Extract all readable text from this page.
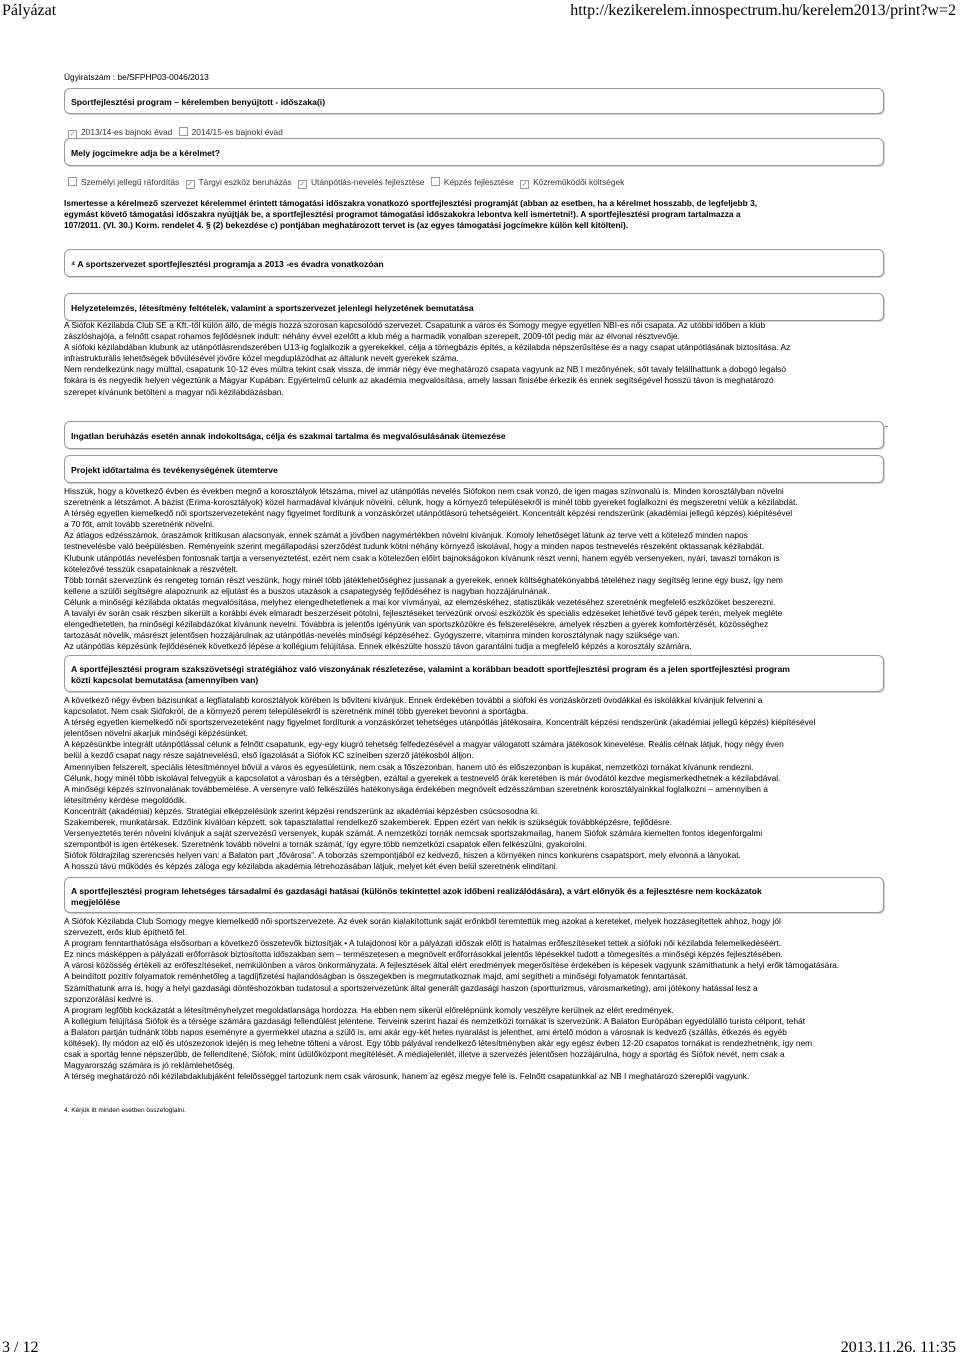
Pályázat	http://kezikerelem.innospectrum.hu/kerelem2013/print?w=2
Ügyiratszám : be/SFPHP03-0046/2013
Sportfejlesztési program – kérelemben benyújtott - időszaka(i)
✓2013/14-es bajnoki évad 2014/15-es bajnoki évad
Mely jogcímekre adja be a kérelmet?
Személyi jellegű ráfordítás ✓ Tárgyi eszköz beruházás ✓ Utánpótlás-nevelés fejlesztése Képzés fejlesztése ✓ Közreműködői költségek

Ismertesse a kérelmező szervezet kérelemmel érintett támogatási időszakra vonatkozó sportfejlesztési programját (abban az esetben, ha a kérelmet hosszabb, de legfeljebb 3,

egymást követő támogatási időszakra nyújtják be, a sportfejlesztési programot támogatási időszakokra lebontva kell ismertetni!). A sportfejlesztési program tartalmazza a

107/2011. (VI. 30.) Korm. rendelet 4. § (2) bekezdése c) pontjában meghatározott tervet is (az egyes támogatási jogcímekre külön kell kitölteni).

⁴ A sportszervezet sportfejlesztési programja a 2013 -es évadra vonatkozóan
Helyzetelemzés, létesítmény feltételek, valamint a sportszervezet jelenlegi helyzetének bemutatása

A Siófok Kézilabda Club SE a Kft.-től külön álló, de mégis hozzá szorosan kapcsolódó szervezet. Csapatunk a város és Somogy megye egyetlen NBI-es női csapata. Az utóbbi időben a klub

zászlóshajója, a felnőtt csapat rohamos fejlődésnek indult: néhány évvel ezelőtt a klub még a harmadik vonalban szerepelt, 2009-től pedig már az élvonal résztvevője.

A siófoki kézilabdában klubunk az utánpótlásrendszerében U13-ig foglalkozik a gyerekekkel, célja a tömegbázis építés, a kézilabda népszerűsítése és a nagy csapat utánpótlásának biztosítása. Az

infrastrukturális lehetőségek bővülésével jövőre közel megduplázódhat az általunk nevelt gyerekek száma.

Nem rendelkezünk nagy múlttal, csapatunk 10-12 éves múltra tekint csak vissza, de immár négy éve meghatározó csapata vagyunk az NB I mezőnyének, sőt tavaly felállhattunk a dobogó legalsó

fokára is és negyedik helyen végeztünk a Magyar Kupában. Egyértelmű célunk az akadémia megvalósítása, amely lassan finisébe érkezik és ennek segítségével hosszú távon is meghatározó

szerepet kívánunk betölteni a magyar női kézilabdázásban.

Ingatlan beruházás esetén annak indokoltsága, célja és szakmai tartalma és megvalósulásának ütemezése
-
Projekt időtartalma és tevékenységének ütemterve

Hisszük, hogy a következő évben és években megnő a korosztályok létszáma, mivel az utánpótlás nevelés Siófokon nem csak vonzó, de igen magas színvonalú is. Minden korosztályban növelni

szeretnénk a létszámot. A bázist (Erima-korosztályok) közel harmadával kívánjuk növelni, célunk, hogy a környező településekről is minél több gyereket foglalkozni és megszeretni velük a kézilabdát.

A térség egyetlen kiemelkedő női sportszervezeteként nagy figyelmet fordítunk a vonzáskörzet utánpótlásorú tehetségeiért. Koncentrált képzési rendszerünk (akadémiai jellegű képzés) kiépítésével

a 70 főt, amit tovább szeretnénk növelni.

Az átlagos edzésszámok, óraszámok kritikusan alacsonyak, ennek számát a jövőben nagymértékben növelni kívánjuk. Komoly lehetőséget látunk az terve vett a kötelező minden napos

testnevelésbe való beépülésben. Reményeink szerint megállapodási szerződést tudunk kötni néhány környező iskolával, hogy a minden napos testnevelés részeként oktassanak kézilabdát.

Klubunk utánpótlás nevelésben fontosnak tartja a versenyeztetést, ezért nem csak a kötelezően előírt bajnokságokon kívánunk részt venni, hanem egyéb versenyeken, nyári, tavaszi tornákon is

kötelezővé tesszük csapatainknak a részvételt.

Több tornát szervezünk és rengeteg tornán részt veszünk, hogy minél több játéklehetőséghez jussanak a gyerekek, ennek költséghatékonyabbá tételéhez nagy segítség lenne egy busz, így nem

kellene a szülői segítségre alapoznunk az eljutást és a buszos utazások a csapategység fejlődéséhez is nagyban hozzájárulnának.

Célunk a minőségi kézilabda oktatás megvalósítása, melyhez elengedhetetlenek a mai kor vívmányai, az elemzéskéhez, statisztikák vezetéséhez szeretnénk megfelelő eszközöket beszerezni.

A tavalyi év során csak részben sikerült a korábbi évek elmaradt beszerzéseit pótolni, fejlesztéseket tervezünk orvosi eszközök és speciális edzéseket lehetővé tevő gépek terén, melyek megléte

elengedhetetlen, ha minőségi kézilabdázókat kívánunk nevelni. Továbbra is jelentős igényünk van sportszközökre és felszerelésekre, amelyek részben a gyerek komfortérzését, közösséghez

tartozását növelik, másrészt jelentősen hozzájárulnak az utánpótlás-nevelés minőségi képzéséhez. Gyógyszerre, vitaminra minden korosztálynak nagy szüksége van.

Az utánpótlás képzésünk fejlődésének következő lépése a kollégium felújítása. Ennek elkészülte hosszú távon garantálni tudja a megfelelő képzés a korosztály számára.

A sportfejlesztési program szakszövetségi stratégiához való viszonyának részletezése, valamint a korábban beadott sportfejlesztési program és a jelen sportfejlesztési program
közti kapcsolat bemutatása (amennyiben van)

A következő négy évben bázisunkat a legfiatalabb korosztályok körében is bővíteni kívánjuk. Ennek érdekében további a siófoki és vonzáskörzeti óvodákkal és iskolákkal kívánjuk felvenni a

kapcsolatot. Nem csak Siófokról, de a környező perem településekről is szeretnénk minél több gyereket bevonni a sportágba.

A térség egyetlen kiemelkedő női sportszervezeteként nagy figyelmet fordítunk a vonzáskörzet tehetséges utánpótlás játékosaira. Koncentrált képzési rendszerünk (akadémiai jellegű képzés) kiépítésével

jelentősen növelni akarjuk minőségi képzésünket.

A képzésünkbe integrált utánpótlással célunk a felnőtt csapatunk, egy-egy kiugró tehetség felfedezésével a magyar válogatott számára játékosok kinevelése. Reális célnak látjuk, hogy négy éven

belül a kezdő csapat nagy része sajátnevelésű, első ígazolását a Siófok KC színeiben szerző játékosból álljon.

Amennyiben felszerelt, speciális létesítménnyel bővül a város és egyesületünk, nem csak a főszezonban, hanem utó és előszezonban is kupákat, nemzetközi tornákat kívánunk rendezni.

Célunk, hogy minél több iskolával felvegyük a kapcsolatot a városban és a térségben, ezáltal a gyerekek a testnevelő órák keretében is már óvodától kezdve megismerkedhetnek a kézilabdával.

A minőségi képzés színvonalának továbbemelése. A versenyre való felkészülés hatékonysága érdekében megnövelt edzésszámban szeretnénk korosztályainkkal foglalkozni – amennyiben a

létesítmény kérdése megoldódik.

Koncentrált (akadémiai) képzés. Stratégiai elképzelésünk szerint képzési rendszerünk az akadémiai képzésben csúcsosodna ki.

Szakemberek, munkatársak. Edzőink kiválóan képzett, sok tapasztalattal rendelkező szakemberek. Éppen ezért van nekik is szükségük továbbképzésre, fejlődésre.

Versenyeztetés terén növelni kívánjuk a saját szervezésű versenyek, kupák számát. A nemzetközi tornák nemcsak sportszakmailag, hanem Siófok számára kiemelten fontos idegenforgalmi

szempontból is igen értékesek. Szeretnénk tovább növelni a tornák számát, így egyre több nemzetközi csapatok ellen felkészülni, gyakorolni.

Siófok földrajzilag szerencsés helyen van: a Balaton part „fővárosa”. A toborzás szempontjából ez kedvező, hiszen a környéken nincs konkurens csapatsport, mely elvonná a lányokat.

A hosszú távú működés és képzés záloga egy kézilabda akadémia létrehozásában látjuk, melyet két éven belül szeretnénk elindítani.

A sportfejlesztési program lehetséges társadalmi és gazdasági hatásai (különös tekintettel azok időbeni realizálódására), a várt előnyök és a fejlesztésre nem kockázatok
megjelölése

A Siófok Kézilabda Club Somogy megye kiemelkedő női sportszervezete. Az évek során kialakítottunk saját erőnkből teremtettük meg azokat a kereteket, melyek hozzásegítettek ahhoz, hogy jól

szervezett, erős klub építhető fel.

A program fenntarthatósága elsősorban a következő összetevők biztosítják • A tulajdonosi kör a pályázati időszak előtt is hatalmas erőfeszítéseket tettek a siófoki női kézilabda felemelkedéséért.

Ez nincs másképpen a pályázati erőforrások biztosította időszakban sem – természetesen a megnövelt erőforrásokkal jelentős lépésekkel tudott a tömegesítés a minőségi képzés fejlesztésében.

A városi közösség értékeli az erőfeszítéseket, nemkülönben a város önkormányzata. A fejlesztések által elért eredmények megerősítése érdekében is képesek vagyunk számíthatunk a helyi erők támogatására.

A beindított pozitív folyamatok reménhetőleg a tagdíjfizetési hajlandóságban is összegekben is megmutatkoznak majd, ami segítheti a minőségi folyamatok fenntartását.

Számíthatunk arra is, hogy a helyi gazdasági döntéshozókban tudatosul a sportszervezetünk által generált gazdasági haszon (sportturizmus, városmarketing), ami jótékony hatással lesz a

szponzorálási kedvre is.

A program legfőbb kockázatát a létesítményhelyzet megoldatlansága hordozza. Ha ebben nem sikerül előrelépnünk komoly veszélyre kerülnek az elért eredmények.

A kollégium felújítása Siófok és a térsége számára gazdasági fellendülést jelentene. Terveink szerint hazai és nemzetközi tornákat is szervezünk. A Balaton Európában egyedülálló turista célpont, tehát

a Balaton partján tudnánk több napos eseményre a gyermekkel utazna a szülő is, ami akár egy-két hetes nyaralást is jelenthet, ami értelő módon a városnak is kedvező (szállás, étkezés és egyéb

költések). Ily módon az elő és utószezonok idején is meg lehetne tölteni a várost. Egy több pályával rendelkező létesítményben akár egy egész évben 12-20 csapatos tornákat is rendezhetnénk, így nem

csak a sportág lenne népszerűbb, de fellendítené, Siófok, mint üdülőközpont megítélését. A médiajelenlét, illetve a szervezés jelentősen hozzájárulna, hogy a sportág és Siófok nevét, nem csak a

Magyarország számára is jó reklámlehetőség.

A térség meghatározó női kézilabdaklubjáként felelősséggel tartozunk nem csak városunk, hanem az egész megye felé is. Felnőtt csapatunkkal az NB I meghatározó szereplői vagyunk.

4. Kérjük itt minden esetben összefoglalni.
3 / 12	2013.11.26. 11:35
